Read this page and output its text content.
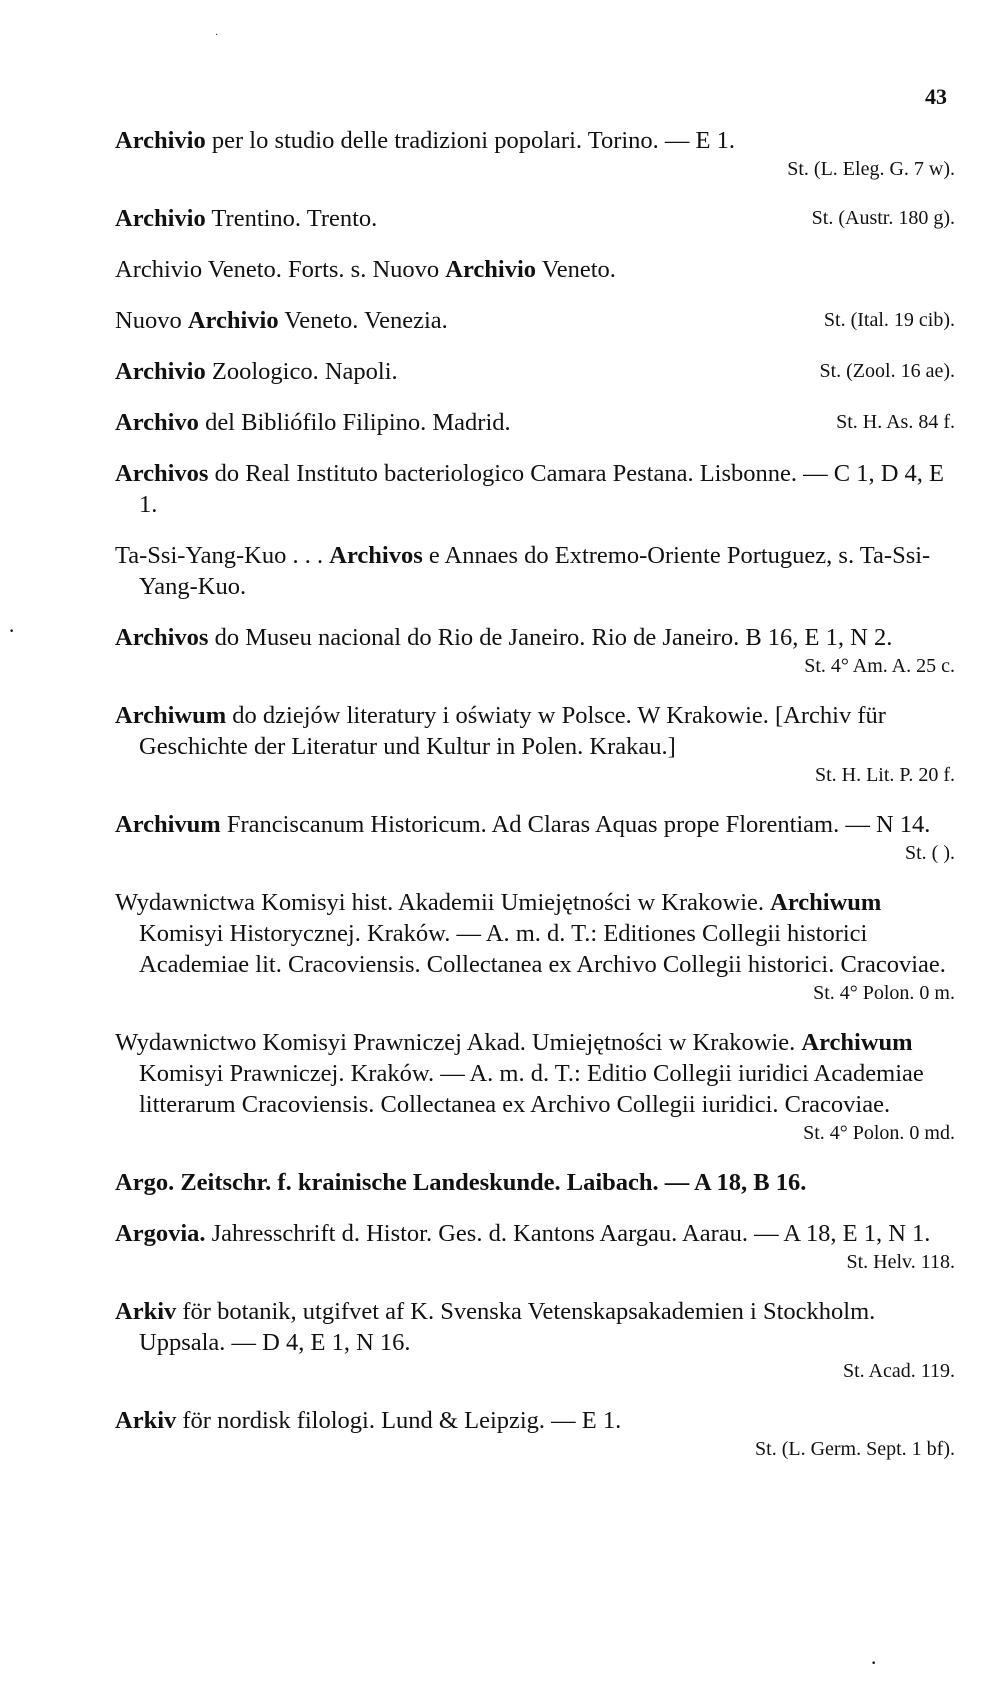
43
·
·
·

Archivio per lo studio delle tradizioni popolari. Torino. — E 1.
St. (L. Eleg. G. 7 w).

St. (Austr. 180 g).
Archivio Trentino. Trento.

Archivio Veneto. Forts. s. Nuovo Archivio Veneto.

St. (Ital. 19 cib).
Nuovo Archivio Veneto. Venezia.

St. (Zool. 16 ae).
Archivio Zoologico. Napoli.

St. H. As. 84 f.
Archivo del Bibliófilo Filipino. Madrid.

Archivos do Real Instituto bacteriologico Camara Pestana. Lisbonne. — C 1, D 4, E 1.

Ta-Ssi-Yang-Kuo . . . Archivos e Annaes do Extremo-Oriente Portuguez, s. Ta-Ssi-Yang-Kuo.

Archivos do Museu nacional do Rio de Janeiro. Rio de Janeiro. B 16, E 1, N 2.
St. 4° Am. A. 25 c.

Archiwum do dziejów literatury i oświaty w Polsce. W Krakowie. [Archiv für Geschichte der Literatur und Kultur in Polen. Krakau.]
St. H. Lit. P. 20 f.

Archivum Franciscanum Historicum. Ad Claras Aquas prope Florentiam. — N 14.
St. ( ).

Wydawnictwa Komisyi hist. Akademii Umiejętności w Krakowie. Archiwum Komisyi Historycznej. Kraków. — A. m. d. T.: Editiones Collegii historici Academiae lit. Cracoviensis. Collectanea ex Archivo Collegii historici. Cracoviae.
St. 4° Polon. 0 m.

Wydawnictwo Komisyi Prawniczej Akad. Umiejętności w Krakowie. Archiwum Komisyi Prawniczej. Kraków. — A. m. d. T.: Editio Collegii iuridici Academiae litterarum Cracoviensis. Collectanea ex Archivo Collegii iuridici. Cracoviae.
St. 4° Polon. 0 md.

Argo. Zeitschr. f. krainische Landeskunde. Laibach. — A 18, B 16.

Argovia. Jahresschrift d. Histor. Ges. d. Kantons Aargau. Aarau. — A 18, E 1, N 1.
St. Helv. 118.

Arkiv för botanik, utgifvet af K. Svenska Vetenskapsakademien i Stockholm. Uppsala. — D 4, E 1, N 16.
St. Acad. 119.

Arkiv för nordisk filologi. Lund & Leipzig. — E 1.
St. (L. Germ. Sept. 1 bf).
